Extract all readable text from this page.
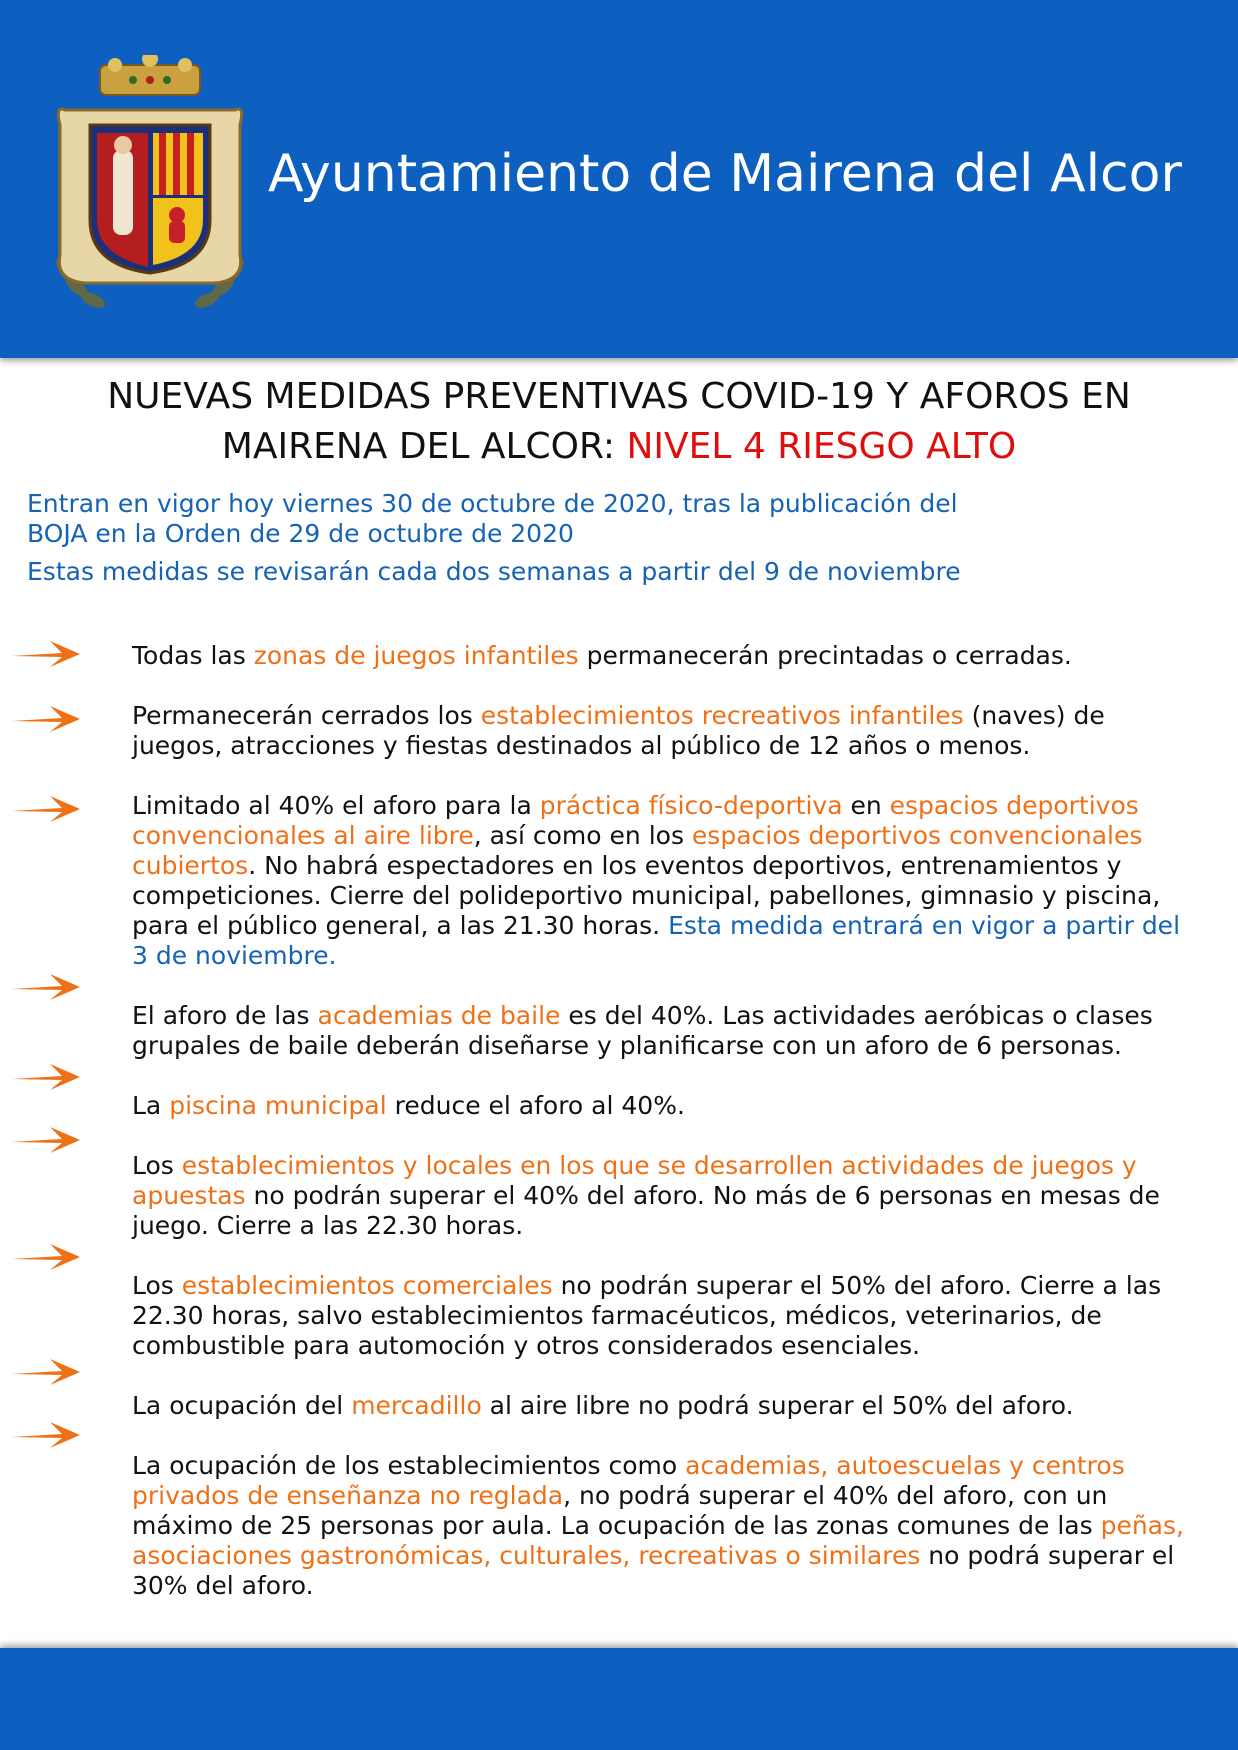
Ayuntamiento de Mairena del Alcor
NUEVAS MEDIDAS PREVENTIVAS COVID-19 Y AFOROS EN
MAIRENA DEL ALCOR: NIVEL 4 RIESGO ALTO
Entran en vigor hoy viernes 30 de octubre de 2020, tras la publicación del
BOJA en la Orden de 29 de octubre de 2020
Estas medidas se revisarán cada dos semanas a partir del 9 de noviembre
Todas las zonas de juegos infantiles permanecerán precintadas o cerradas.
Permanecerán cerrados los establecimientos recreativos infantiles (naves) de juegos, atracciones y fiestas destinados al público de 12 años o menos.
Limitado al 40% el aforo para la práctica físico-deportiva en espacios deportivos convencionales al aire libre, así como en los espacios deportivos convencionales cubiertos. No habrá espectadores en los eventos deportivos, entrenamientos y competiciones. Cierre del polideportivo municipal, pabellones, gimnasio y piscina, para el público general, a las 21.30 horas. Esta medida entrará en vigor a partir del 3 de noviembre.
El aforo de las academias de baile es del 40%. Las actividades aeróbicas o clases grupales de baile deberán diseñarse y planificarse con un aforo de 6 personas.
La piscina municipal reduce el aforo al 40%.
Los establecimientos y locales en los que se desarrollen actividades de juegos y apuestas no podrán superar el 40% del aforo. No más de 6 personas en mesas de juego. Cierre a las 22.30 horas.
Los establecimientos comerciales no podrán superar el 50% del aforo. Cierre a las 22.30 horas, salvo establecimientos farmacéuticos, médicos, veterinarios, de combustible para automoción y otros considerados esenciales.
La ocupación del mercadillo al aire libre no podrá superar el 50% del aforo.
La ocupación de los establecimientos como academias, autoescuelas y centros privados de enseñanza no reglada, no podrá superar el 40% del aforo, con un máximo de 25 personas por aula. La ocupación de las zonas comunes de las peñas, asociaciones gastronómicas, culturales, recreativas o similares no podrá superar el 30% del aforo.
